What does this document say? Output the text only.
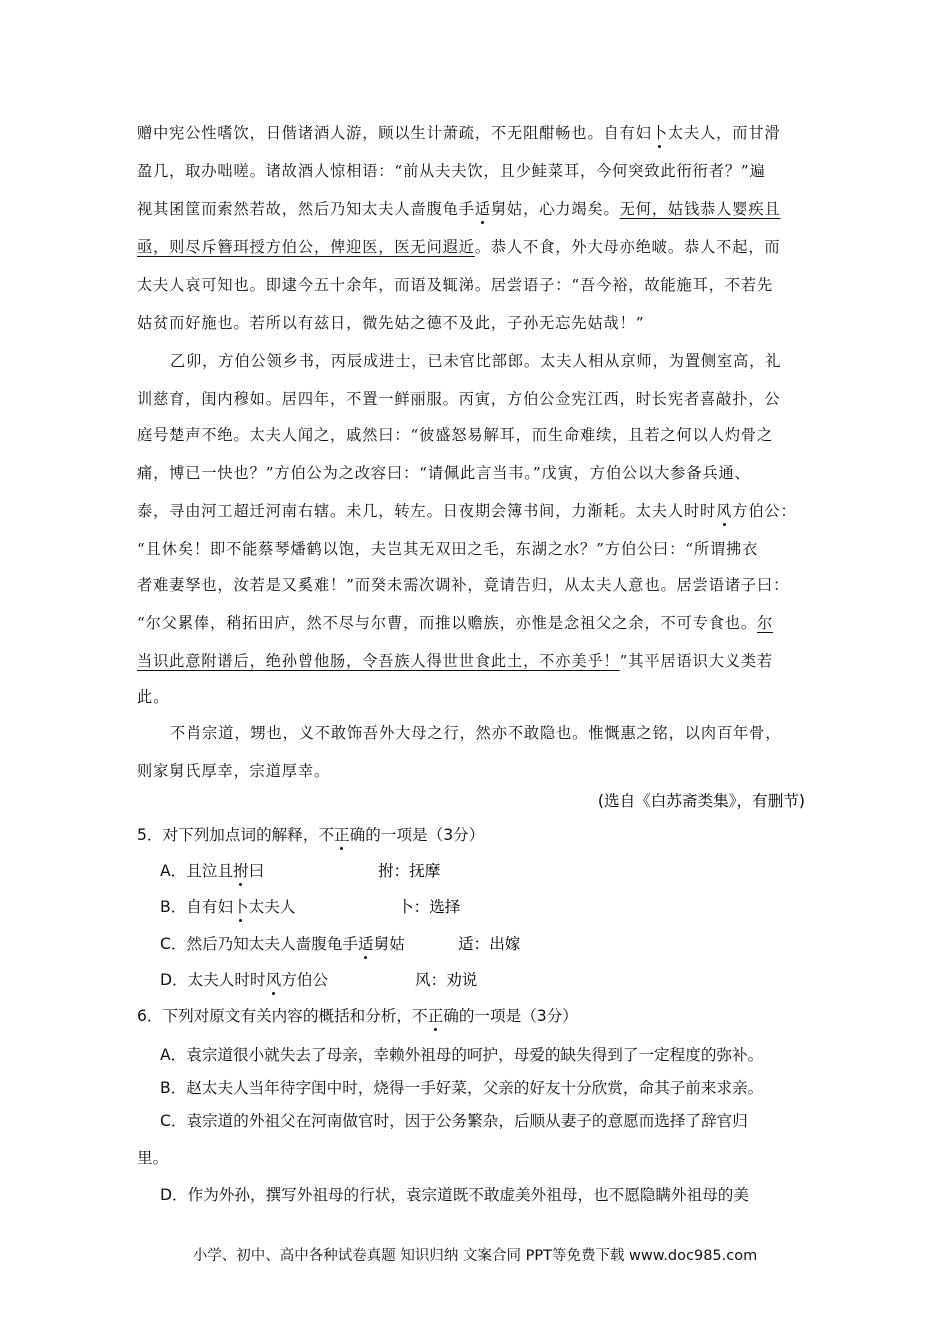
赠中宪公性嗜饮，日偕诸酒人游，顾以生计萧疏，不无阻酣畅也。自有妇卜太夫人，而甘滑
盈几，取办咄嗟。诸故酒人惊相语：“前从夫夫饮，且少鲑菜耳，今何突致此衎衎者？”遍
视其囷筐而索然若故，然后乃知太夫人啬腹龟手适舅姑，心力竭矣。无何，姑钱恭人婴疾且
亟，则尽斥簪珥授方伯公，俾迎医，医无问遐近。恭人不食，外大母亦绝啵。恭人不起，而
太夫人哀可知也。即逮今五十余年，而语及辄涕。居尝语子：“吾今裕，故能施耳，不若先
姑贫而好施也。若所以有兹日，微先姑之德不及此，子孙无忘先姑哉！”
乙卯，方伯公领乡书，丙辰成进士，已未官比部郎。太夫人相从京师，为置侧室高，礼
训慈育，闺内穆如。居四年，不置一鲜丽服。丙寅，方伯公佥宪江西，时长宪者喜敲扑，公
庭号楚声不绝。太夫人闻之，戚然曰：“彼盛怒易解耳，而生命难续，且若之何以人灼骨之
痛，博已一快也？”方伯公为之改容曰：“请佩此言当韦。”戊寅，方伯公以大参备兵通、
泰，寻由河工超迁河南右辖。未几，转左。日夜期会簿书间，力渐耗。太夫人时时风方伯公：
“且休矣！即不能蔡琴燔鹤以饱，夫岂其无双田之毛，东湖之水？”方伯公曰：“所谓拂衣
者难妻孥也，汝若是又奚难！”而癸未需次调补，竟请告归，从太夫人意也。居尝语诸子曰：
“尔父累俸，稍拓田庐，然不尽与尔曹，而推以赡族，亦惟是念祖父之余，不可专食也。尔
当识此意附谱后，绝孙曾他肠，令吾族人得世世食此土，不亦美乎！”其平居语识大义类若
此。
不肖宗道，甥也，义不敢饰吾外大母之行，然亦不敢隐也。惟慨惠之铭，以肉百年骨，
则家舅氏厚幸，宗道厚幸。
(选自《白苏斋类集》，有删节)
5．对下列加点词的解释，不正确的一项是（3分）
A．且泣且拊曰	拊：抚摩
B．自有妇卜太夫人	卜：选择
C．然后乃知太夫人啬腹龟手适舅姑	适：出嫁
D．太夫人时时风方伯公	风：劝说
6．下列对原文有关内容的概括和分析，不正确的一项是（3分）
A．袁宗道很小就失去了母亲，幸赖外祖母的呵护，母爱的缺失得到了一定程度的弥补。
B．赵太夫人当年待字闺中时，烧得一手好菜，父亲的好友十分欣赏，命其子前来求亲。
C．袁宗道的外祖父在河南做官时，因于公务繁杂，后顺从妻子的意愿而选择了辞官归
里。
D．作为外孙，撰写外祖母的行状，袁宗道既不敢虚美外祖母，也不愿隐瞒外祖母的美
小学、初中、高中各种试卷真题 知识归纳 文案合同 PPT等免费下载 www.doc985.com
